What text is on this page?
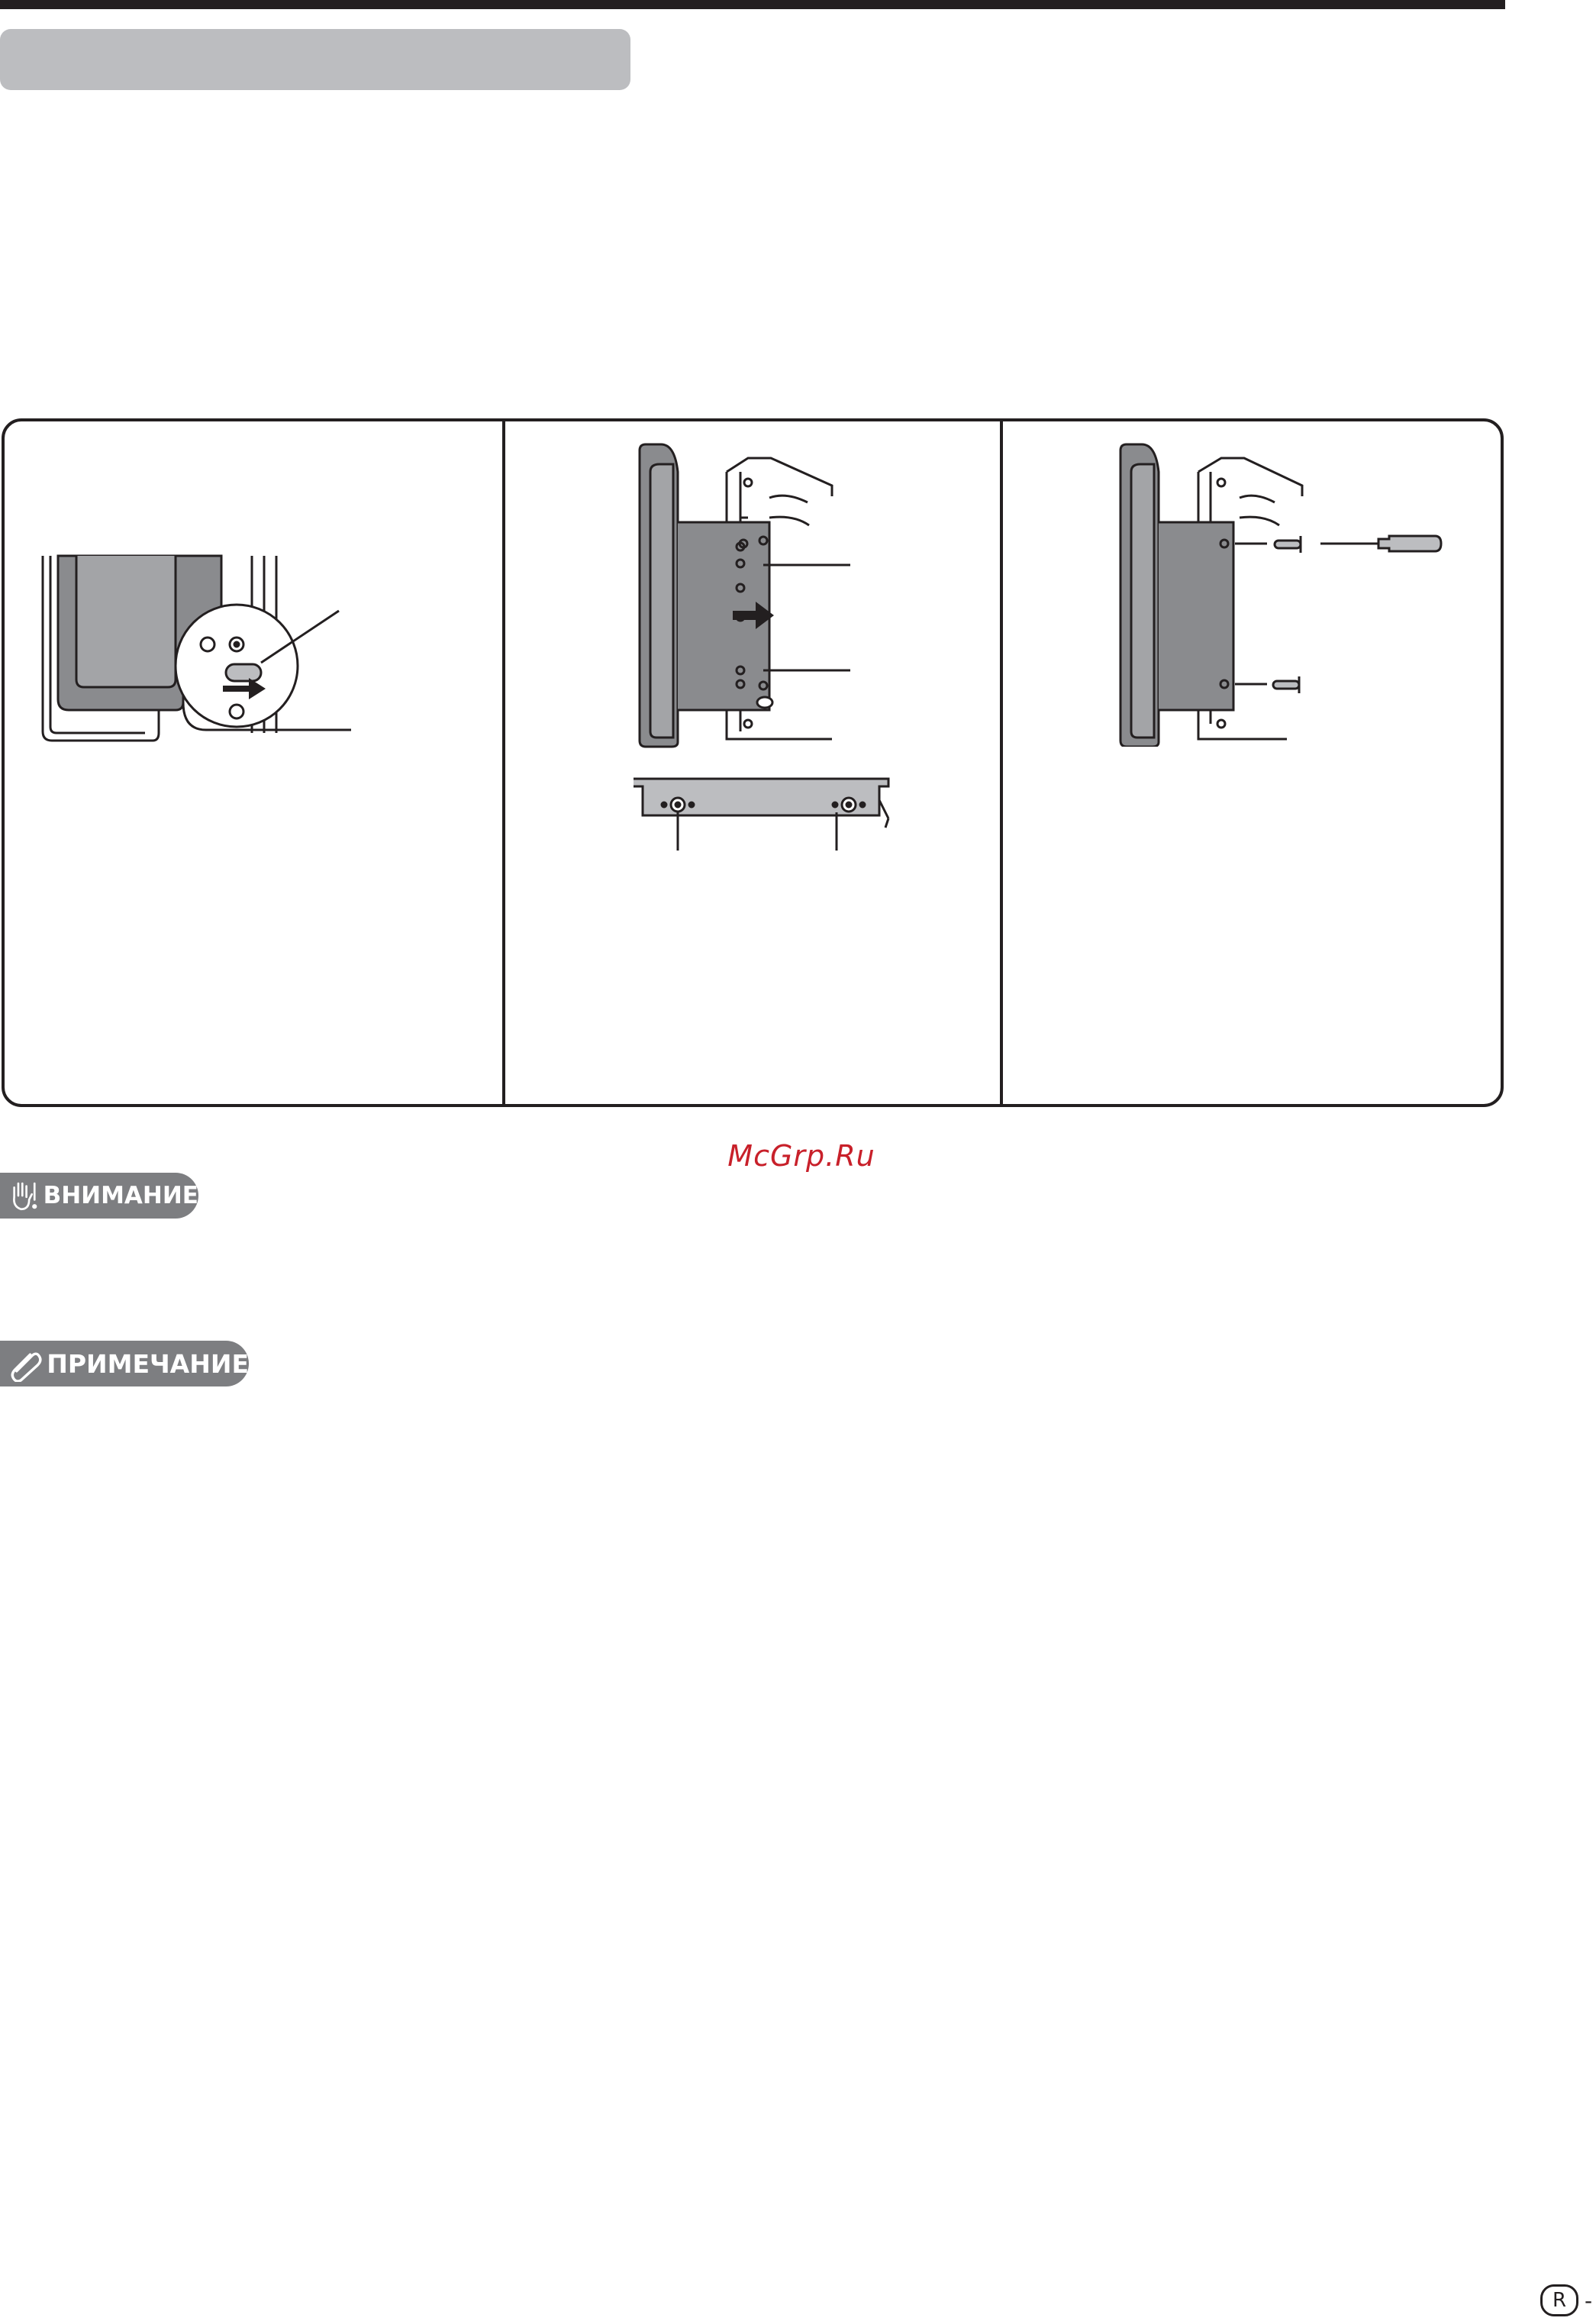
McGrp.Ru
ВНИМАНИЕ
ПРИМЕЧАНИЕ
R -
